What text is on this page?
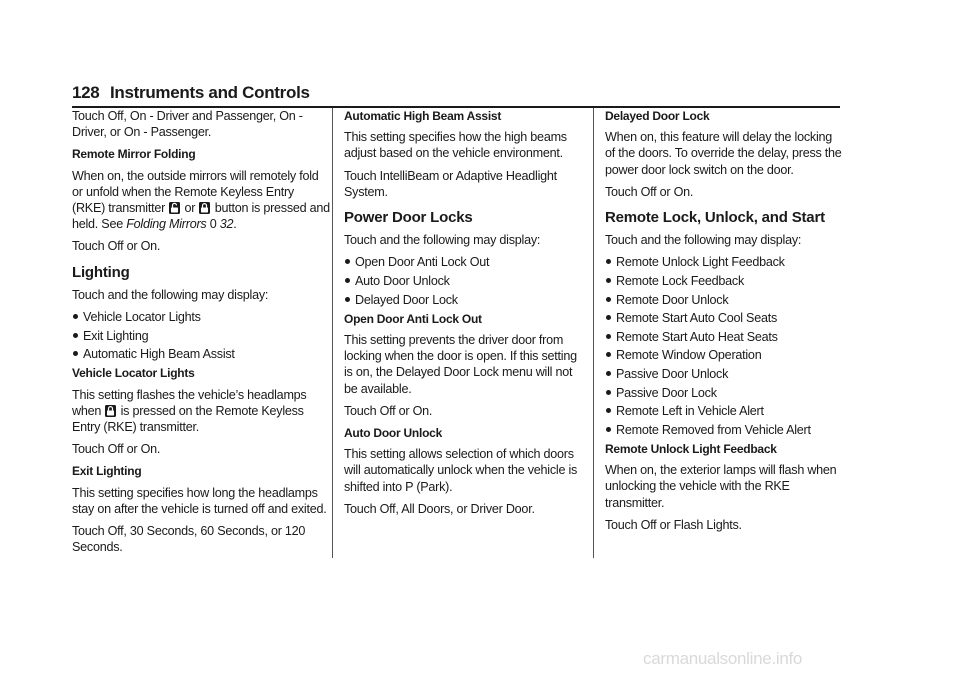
128 Instruments and Controls

Touch Off, On - Driver and Passenger, On - Driver, or On - Passenger.

Remote Mirror Folding

When on, the outside mirrors will remotely fold or unfold when the Remote Keyless Entry (RKE) transmitter or button is pressed and held. See Folding Mirrors 0 32.

Touch Off or On.

Lighting

Touch and the following may display:

Vehicle Locator Lights
Exit Lighting
Automatic High Beam Assist

Vehicle Locator Lights

This setting flashes the vehicle’s headlamps when is pressed on the Remote Keyless Entry (RKE) transmitter.

Touch Off or On.

Exit Lighting

This setting specifies how long the headlamps stay on after the vehicle is turned off and exited.

Touch Off, 30 Seconds, 60 Seconds, or 120 Seconds.

Automatic High Beam Assist

This setting specifies how the high beams adjust based on the vehicle environment.

Touch IntelliBeam or Adaptive Headlight System.

Power Door Locks

Touch and the following may display:

Open Door Anti Lock Out
Auto Door Unlock
Delayed Door Lock

Open Door Anti Lock Out

This setting prevents the driver door from locking when the door is open. If this setting is on, the Delayed Door Lock menu will not be available.

Touch Off or On.

Auto Door Unlock

This setting allows selection of which doors will automatically unlock when the vehicle is shifted into P (Park).

Touch Off, All Doors, or Driver Door.

Delayed Door Lock

When on, this feature will delay the locking of the doors. To override the delay, press the power door lock switch on the door.

Touch Off or On.

Remote Lock, Unlock, and Start

Touch and the following may display:

Remote Unlock Light Feedback
Remote Lock Feedback
Remote Door Unlock
Remote Start Auto Cool Seats
Remote Start Auto Heat Seats
Remote Window Operation
Passive Door Unlock
Passive Door Lock
Remote Left in Vehicle Alert
Remote Removed from Vehicle Alert

Remote Unlock Light Feedback

When on, the exterior lamps will flash when unlocking the vehicle with the RKE transmitter.

Touch Off or Flash Lights.

carmanualsonline.info
